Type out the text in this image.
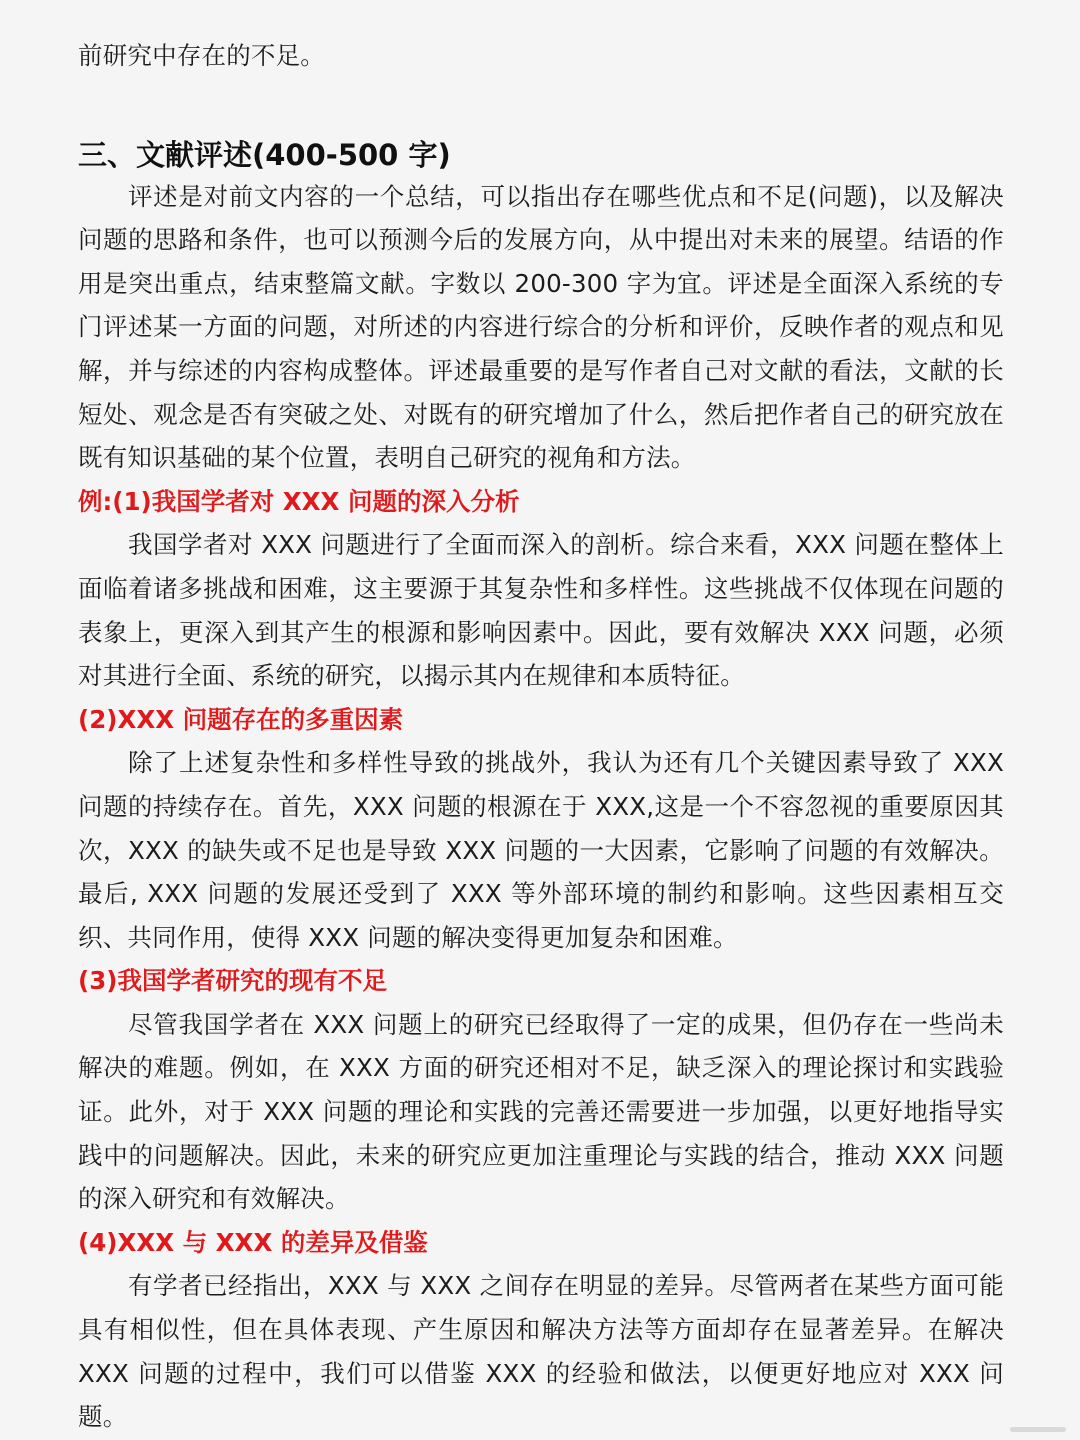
前研究中存在的不足。

三、文献评述(400-500 字)

评述是对前文内容的一个总结，可以指出存在哪些优点和不足(问题)，以及解决问题的思路和条件，也可以预测今后的发展方向，从中提出对未来的展望。结语的作用是突出重点，结束整篇文献。字数以 200-300 字为宜。评述是全面深入系统的专门评述某一方面的问题，对所述的内容进行综合的分析和评价，反映作者的观点和见解，并与综述的内容构成整体。评述最重要的是写作者自己对文献的看法，文献的长短处、观念是否有突破之处、对既有的研究增加了什么，然后把作者自己的研究放在既有知识基础的某个位置，表明自己研究的视角和方法。

例:(1)我国学者对 XXX 问题的深入分析

我国学者对 XXX 问题进行了全面而深入的剖析。综合来看，XXX 问题在整体上面临着诸多挑战和困难，这主要源于其复杂性和多样性。这些挑战不仅体现在问题的表象上，更深入到其产生的根源和影响因素中。因此，要有效解决 XXX 问题，必须对其进行全面、系统的研究，以揭示其内在规律和本质特征。

(2)XXX 问题存在的多重因素

除了上述复杂性和多样性导致的挑战外，我认为还有几个关键因素导致了 XXX 问题的持续存在。首先，XXX 问题的根源在于 XXX,这是一个不容忽视的重要原因其次，XXX 的缺失或不足也是导致 XXX 问题的一大因素，它影响了问题的有效解决。最后, XXX 问题的发展还受到了 XXX 等外部环境的制约和影响。这些因素相互交织、共同作用，使得 XXX 问题的解决变得更加复杂和困难。

(3)我国学者研究的现有不足

尽管我国学者在 XXX 问题上的研究已经取得了一定的成果，但仍存在一些尚未解决的难题。例如，在 XXX 方面的研究还相对不足，缺乏深入的理论探讨和实践验证。此外，对于 XXX 问题的理论和实践的完善还需要进一步加强，以更好地指导实践中的问题解决。因此，未来的研究应更加注重理论与实践的结合，推动 XXX 问题的深入研究和有效解决。

(4)XXX 与 XXX 的差异及借鉴

有学者已经指出，XXX 与 XXX 之间存在明显的差异。尽管两者在某些方面可能具有相似性，但在具体表现、产生原因和解决方法等方面却存在显著差异。在解决 XXX 问题的过程中，我们可以借鉴 XXX 的经验和做法，以便更好地应对 XXX 问题。
